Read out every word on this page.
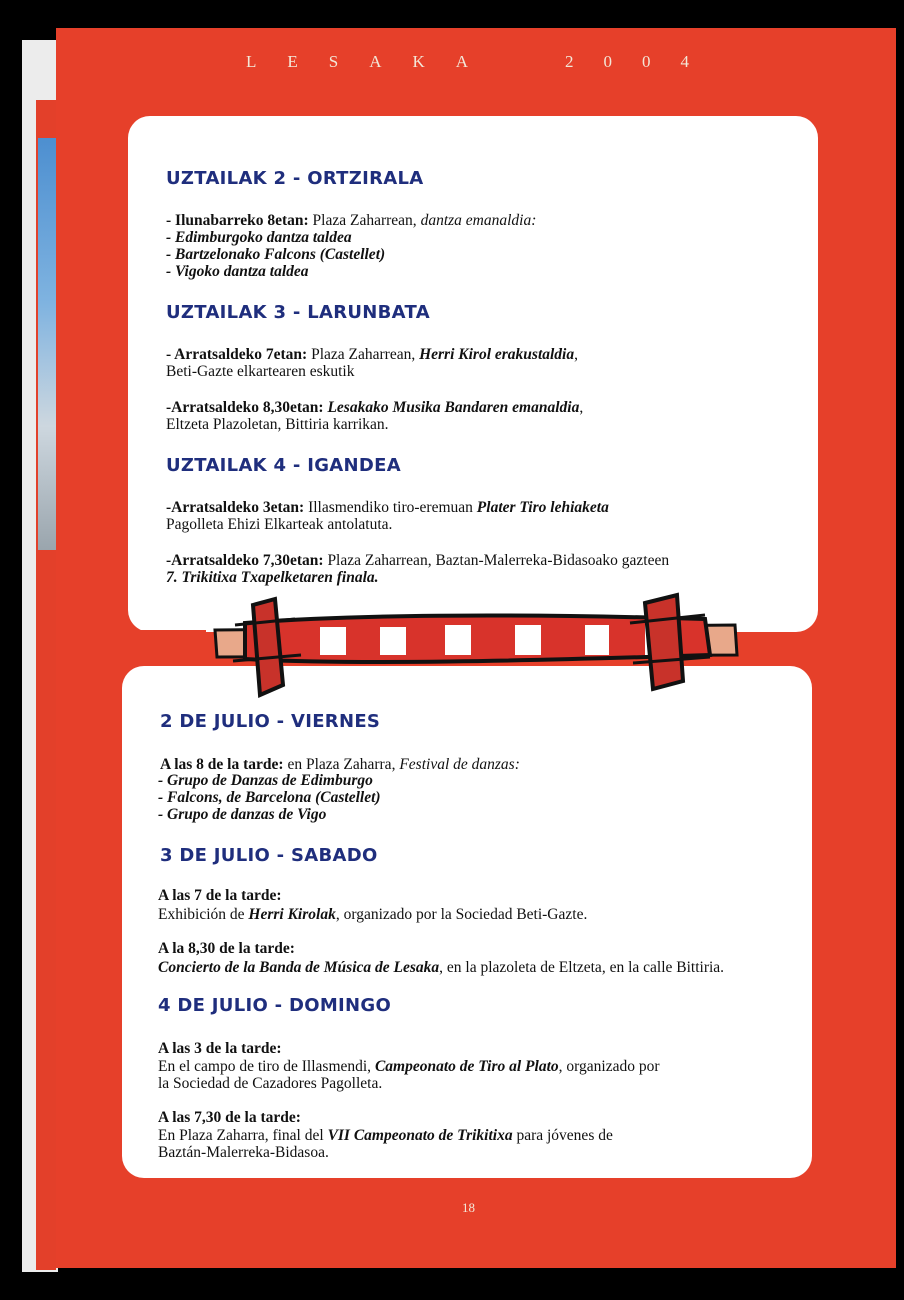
LESAKA	2004
UZTAILAK 2 - ORTZIRALA

- Ilunabarreko 8etan: Plaza Zaharrean, dantza emanaldia:

- Edimburgoko dantza taldea

- Bartzelonako Falcons (Castellet)

- Vigoko dantza taldea

UZTAILAK 3 - LARUNBATA

- Arratsaldeko 7etan: Plaza Zaharrean, Herri Kirol erakustaldia,

Beti-Gazte elkartearen eskutik

-Arratsaldeko 8,30etan: Lesakako Musika Bandaren emanaldia,

Eltzeta Plazoletan, Bittiria karrikan.

UZTAILAK 4 - IGANDEA

-Arratsaldeko 3etan: Illasmendiko tiro-eremuan Plater Tiro lehiaketa

Pagolleta Ehizi Elkarteak antolatuta.

-Arratsaldeko 7,30etan: Plaza Zaharrean, Baztan-Malerreka-Bidasoako gazteen

7. Trikitixa Txapelketaren finala.

2 DE JULIO - VIERNES

A las 8 de la tarde: en Plaza Zaharra, Festival de danzas:

- Grupo de Danzas de Edimburgo

- Falcons, de Barcelona (Castellet)

- Grupo de danzas de Vigo

3 DE JULIO - SABADO

A las 7 de la tarde:

Exhibición de Herri Kirolak, organizado por la Sociedad Beti-Gazte.

A la 8,30 de la tarde:

Concierto de la Banda de Música de Lesaka, en la plazoleta de Eltzeta, en la calle Bittiria.

4 DE JULIO - DOMINGO

A las 3 de la tarde:

En el campo de tiro de Illasmendi, Campeonato de Tiro al Plato, organizado por

la Sociedad de Cazadores Pagolleta.

A las 7,30 de la tarde:

En Plaza Zaharra, final del VII Campeonato de Trikitixa para jóvenes de

Baztán-Malerreka-Bidasoa.

18
